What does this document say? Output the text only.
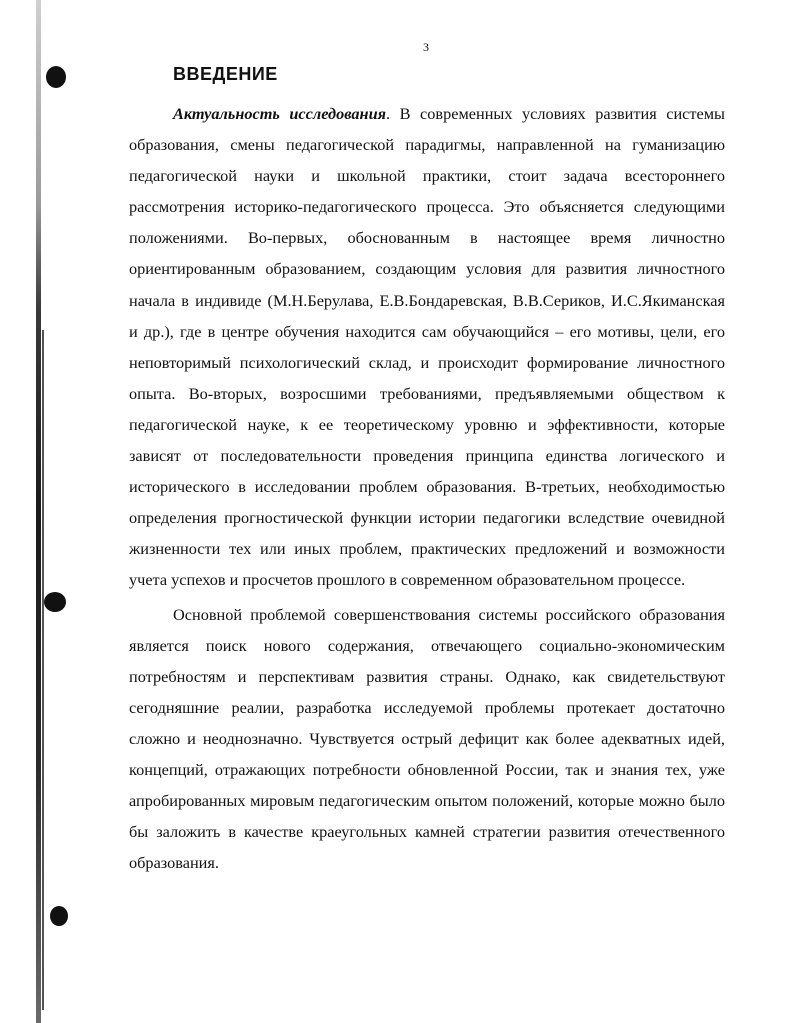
3
ВВЕДЕНИЕ

Актуальность исследования. В современных условиях развития системы образования, смены педагогической парадигмы, направленной на гуманизацию педагогической науки и школьной практики, стоит задача всестороннего рассмотрения историко-педагогического процесса. Это объясняется следующими положениями. Во-первых, обоснованным в настоящее время личностно ориентированным образованием, создающим условия для развития личностного начала в индивиде (М.Н.Берулава, Е.В.Бондаревская, В.В.Сериков, И.С.Якиманская и др.), где в центре обучения находится сам обучающийся – его мотивы, цели, его неповторимый психологический склад, и происходит формирование личностного опыта. Во-вторых, возросшими требованиями, предъявляемыми обществом к педагогической науке, к ее теоретическому уровню и эффективности, которые зависят от последовательности проведения принципа единства логического и исторического в исследовании проблем образования. В-третьих, необходимостью определения прогностической функции истории педагогики вследствие очевидной жизненности тех или иных проблем, практических предложений и возможности учета успехов и просчетов прошлого в современном образовательном процессе.

Основной проблемой совершенствования системы российского образования является поиск нового содержания, отвечающего социально-экономическим потребностям и перспективам развития страны. Однако, как свидетельствуют сегодняшние реалии, разработка исследуемой проблемы протекает достаточно сложно и неоднозначно. Чувствуется острый дефицит как более адекватных идей, концепций, отражающих потребности обновленной России, так и знания тех, уже апробированных мировым педагогическим опытом положений, которые можно было бы заложить в качестве краеугольных камней стратегии развития отечественного образования.
